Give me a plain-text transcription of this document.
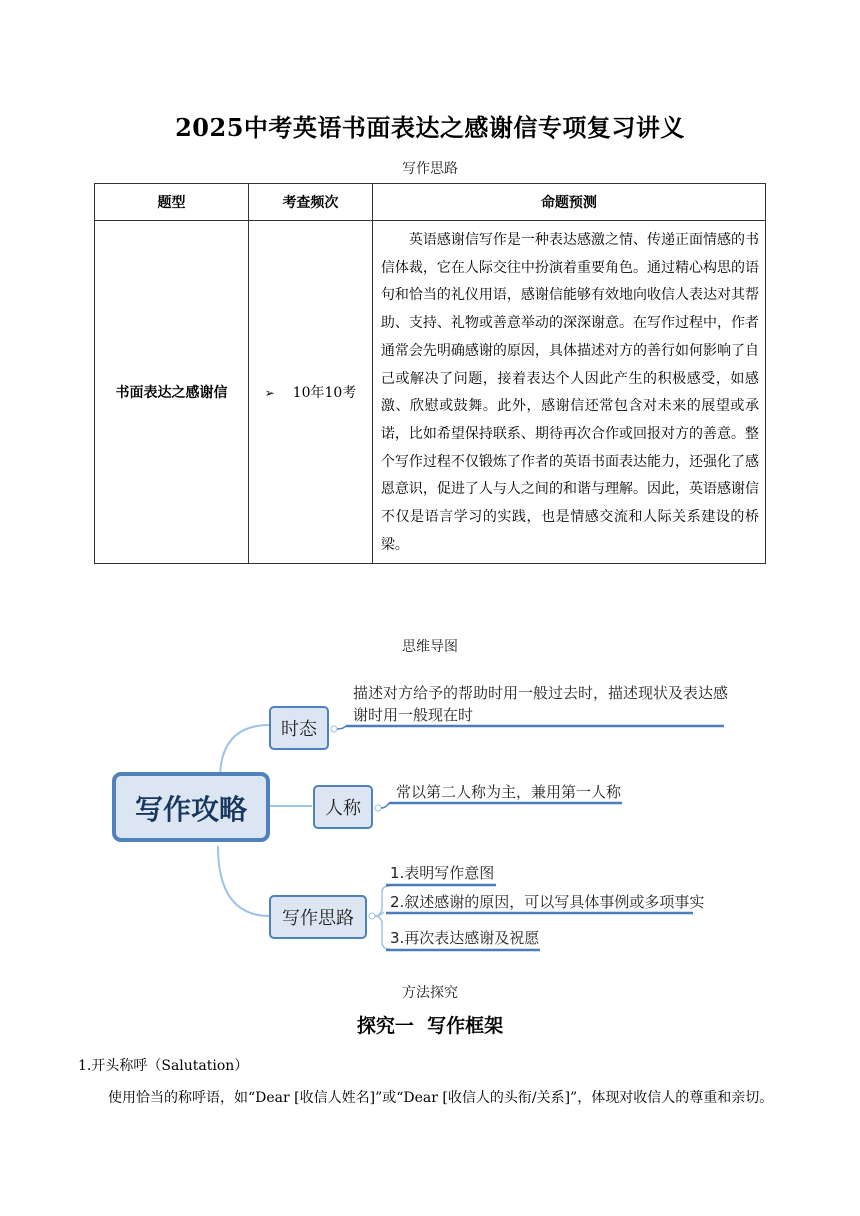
2025中考英语书面表达之感谢信专项复习讲义
写作思路
题型	考查频次	命题预测
书面表达之感谢信	➢ 10年10考	英语感谢信写作是一种表达感激之情、传递正面情感的书信体裁，它在人际交往中扮演着重要角色。通过精心构思的语句和恰当的礼仪用语，感谢信能够有效地向收信人表达对其帮助、支持、礼物或善意举动的深深谢意。在写作过程中，作者通常会先明确感谢的原因，具体描述对方的善行如何影响了自己或解决了问题，接着表达个人因此产生的积极感受，如感激、欣慰或鼓舞。此外，感谢信还常包含对未来的展望或承诺，比如希望保持联系、期待再次合作或回报对方的善意。整个写作过程不仅锻炼了作者的英语书面表达能力，还强化了感恩意识，促进了人与人之间的和谐与理解。因此，英语感谢信不仅是语言学习的实践，也是情感交流和人际关系建设的桥梁。
思维导图
写作攻略
时态
描述对方给予的帮助时用一般过去时，描述现状及表达感
谢时用一般现在时
人称
常以第二人称为主，兼用第一人称
写作思路
1.表明写作意图
2.叙述感谢的原因，可以写具体事例或多项事实
3.再次表达感谢及祝愿
方法探究
探究一  写作框架
1.开头称呼（Salutation）
使用恰当的称呼语，如“Dear [收信人姓名]”或“Dear [收信人的头衔/关系]”，体现对收信人的尊重和亲切。
